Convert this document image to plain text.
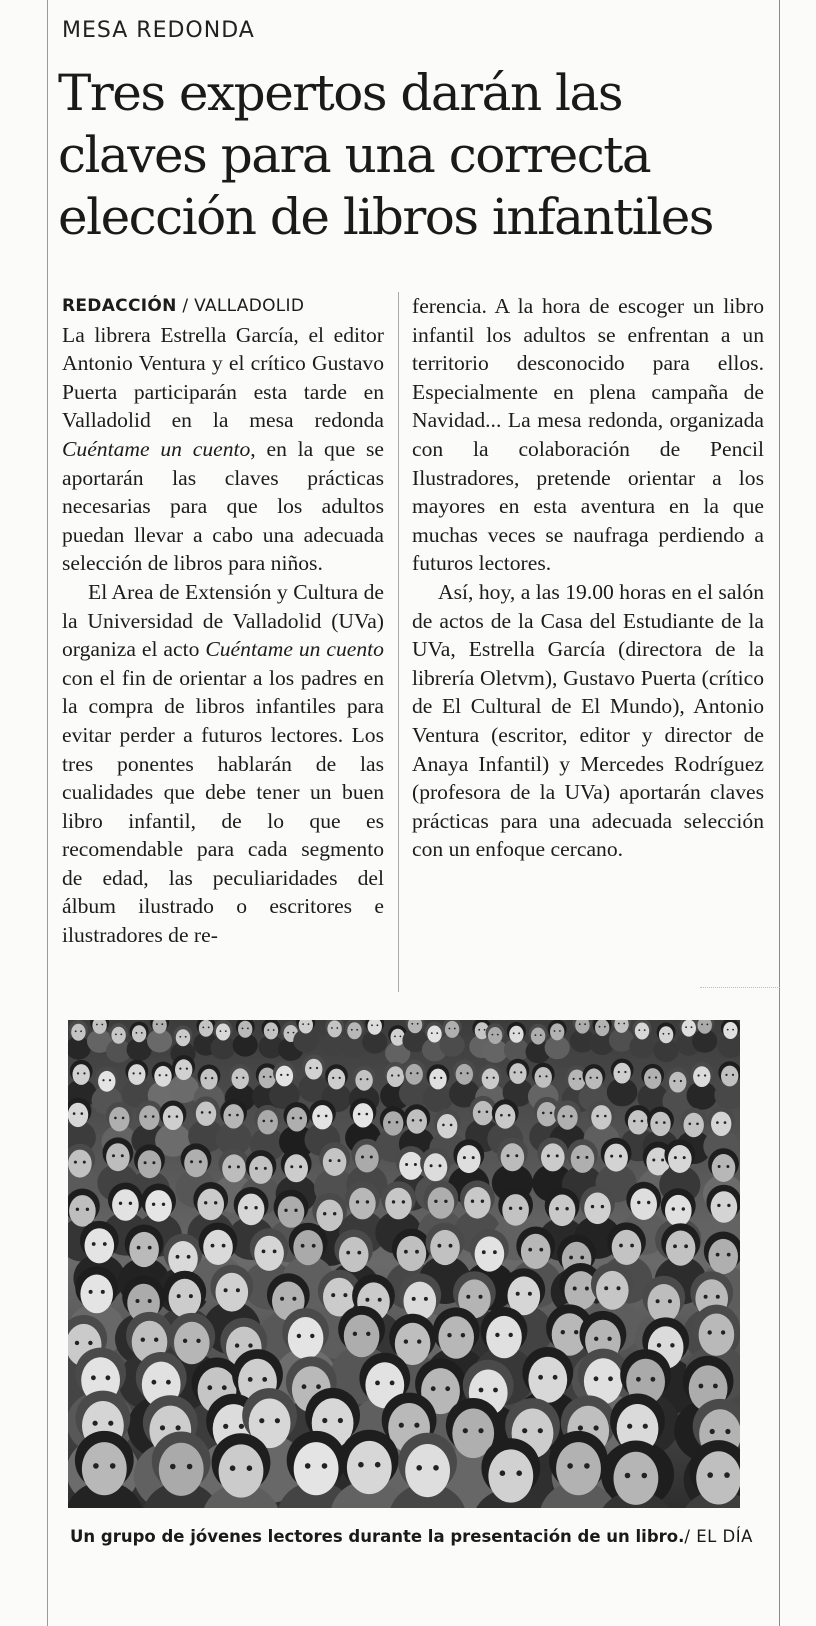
MESA REDONDA
Tres expertos darán las claves para una correcta elección de libros infantiles
REDACCIÓN / VALLADOLID

La librera Estrella García, el editor Antonio Ventura y el crítico Gustavo Puerta participarán esta tarde en Valladolid en la mesa redonda Cuéntame un cuento, en la que se aportarán las claves prácticas necesarias para que los adultos puedan llevar a cabo una adecuada selección de libros para niños.

El Area de Extensión y Cultura de la Universidad de Valladolid (UVa) organiza el acto Cuéntame un cuento con el fin de orientar a los padres en la compra de libros infantiles para evitar perder a futuros lectores. Los tres ponentes hablarán de las cualidades que debe tener un buen libro infantil, de lo que es recomendable para cada segmento de edad, las peculiaridades del álbum ilustrado o escritores e ilustradores de re-

ferencia. A la hora de escoger un libro infantil los adultos se enfrentan a un territorio desconocido para ellos. Especialmente en plena campaña de Navidad... La mesa redonda, organizada con la colaboración de Pencil Ilustradores, pretende orientar a los mayores en esta aventura en la que muchas veces se naufraga perdiendo a futuros lectores.

Así, hoy, a las 19.00 horas en el salón de actos de la Casa del Estudiante de la UVa, Estrella García (directora de la librería Oletvm), Gustavo Puerta (crítico de El Cultural de El Mundo), Antonio Ventura (escritor, editor y director de Anaya Infantil) y Mercedes Rodríguez (profesora de la UVa) aportarán claves prácticas para una adecuada selección con un enfoque cercano.

Un grupo de jóvenes lectores durante la presentación de un libro./ EL DÍA
